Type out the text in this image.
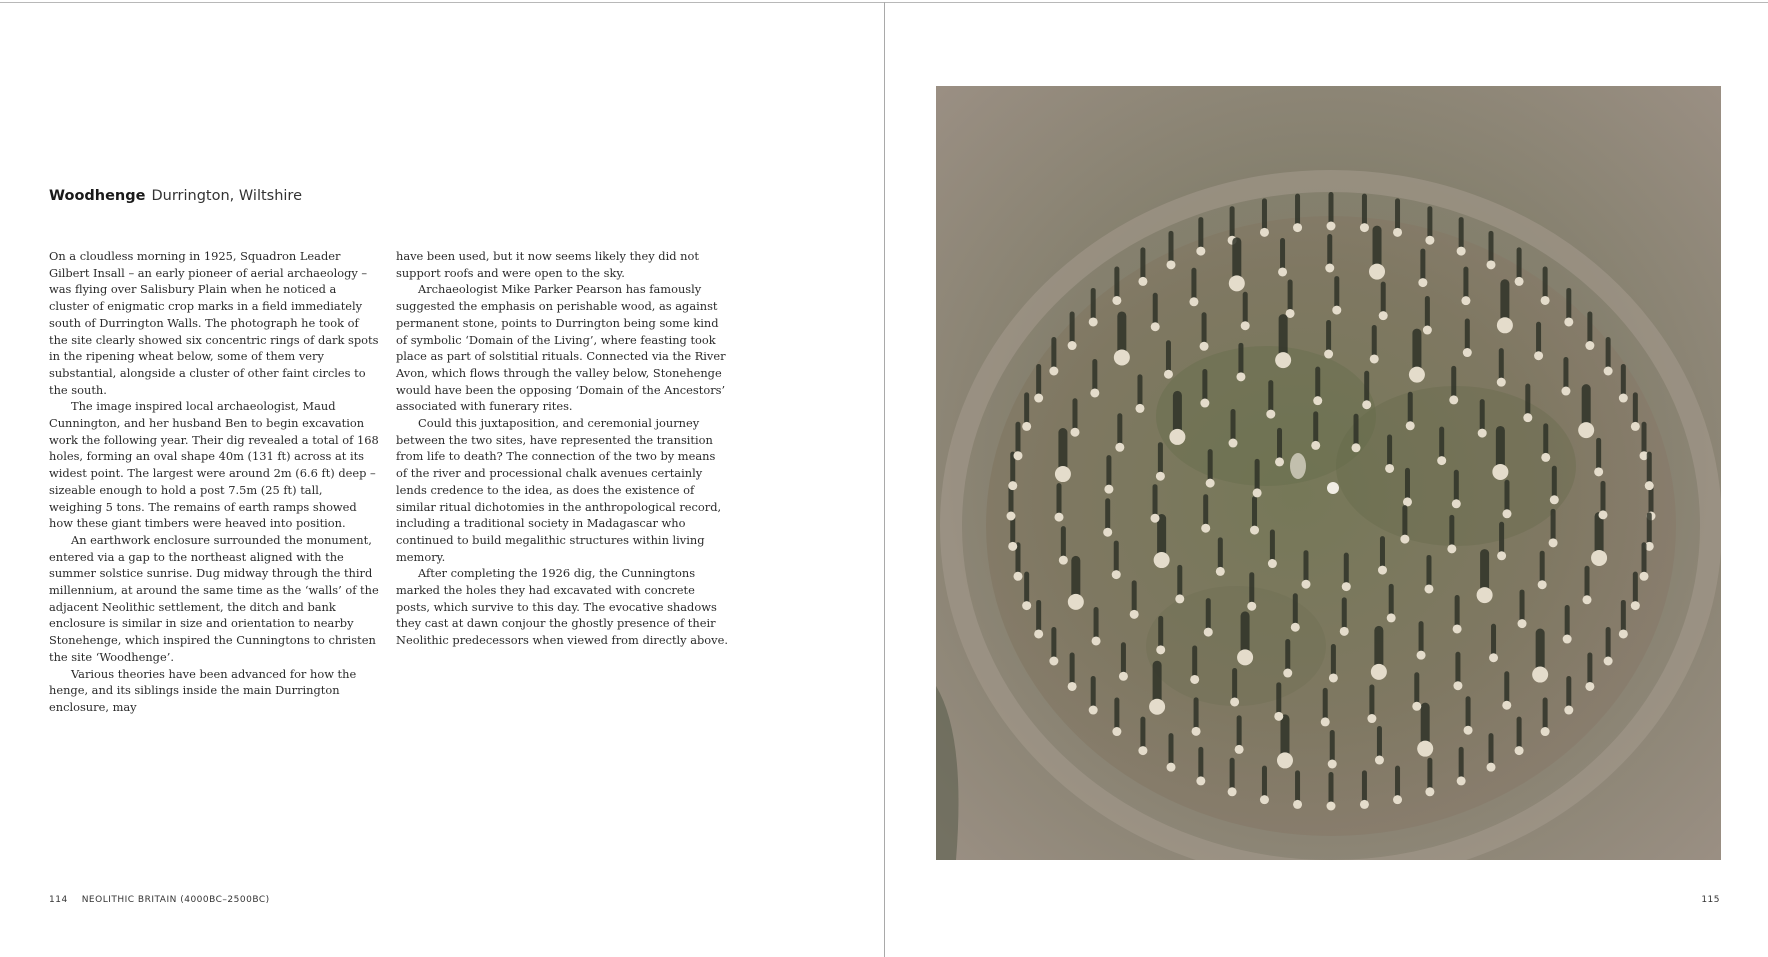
Woodhenge Durrington, Wiltshire

On a cloudless morning in 1925, Squadron Leader Gilbert Insall – an early pioneer of aerial archaeology – was flying over Salisbury Plain when he noticed a cluster of enigmatic crop marks in a field immediately south of Durrington Walls. The photograph he took of the site clearly showed six concentric rings of dark spots in the ripening wheat below, some of them very substantial, alongside a cluster of other faint circles to the south.

The image inspired local archaeologist, Maud Cunnington, and her husband Ben to begin excavation work the following year. Their dig revealed a total of 168 holes, forming an oval shape 40m (131 ft) across at its widest point. The largest were around 2m (6.6 ft) deep – sizeable enough to hold a post 7.5m (25 ft) tall, weighing 5 tons. The remains of earth ramps showed how these giant timbers were heaved into position.

An earthwork enclosure surrounded the monument, entered via a gap to the northeast aligned with the summer solstice sunrise. Dug midway through the third millennium, at around the same time as the ‘walls’ of the adjacent Neolithic settlement, the ditch and bank enclosure is similar in size and orientation to nearby Stonehenge, which inspired the Cunningtons to christen the site ‘Woodhenge’.

Various theories have been advanced for how the henge, and its siblings inside the main Durrington enclosure, may

have been used, but it now seems likely they did not support roofs and were open to the sky.

Archaeologist Mike Parker Pearson has famously suggested the emphasis on perishable wood, as against permanent stone, points to Durrington being some kind of symbolic ‘Domain of the Living’, where feasting took place as part of solstitial rituals. Connected via the River Avon, which flows through the valley below, Stonehenge would have been the opposing ‘Domain of the Ancestors’ associated with funerary rites.

Could this juxtaposition, and ceremonial journey between the two sites, have represented the transition from life to death? The connection of the two by means of the river and processional chalk avenues certainly lends credence to the idea, as does the existence of similar ritual dichotomies in the anthropological record, including a traditional society in Madagascar who continued to build megalithic structures within living memory.

After completing the 1926 dig, the Cunningtons marked the holes they had excavated with concrete posts, which survive to this day. The evocative shadows they cast at dawn conjour the ghostly presence of their Neolithic predecessors when viewed from directly above.

114 NEOLITHIC BRITAIN (4000BC–2500BC)	115
